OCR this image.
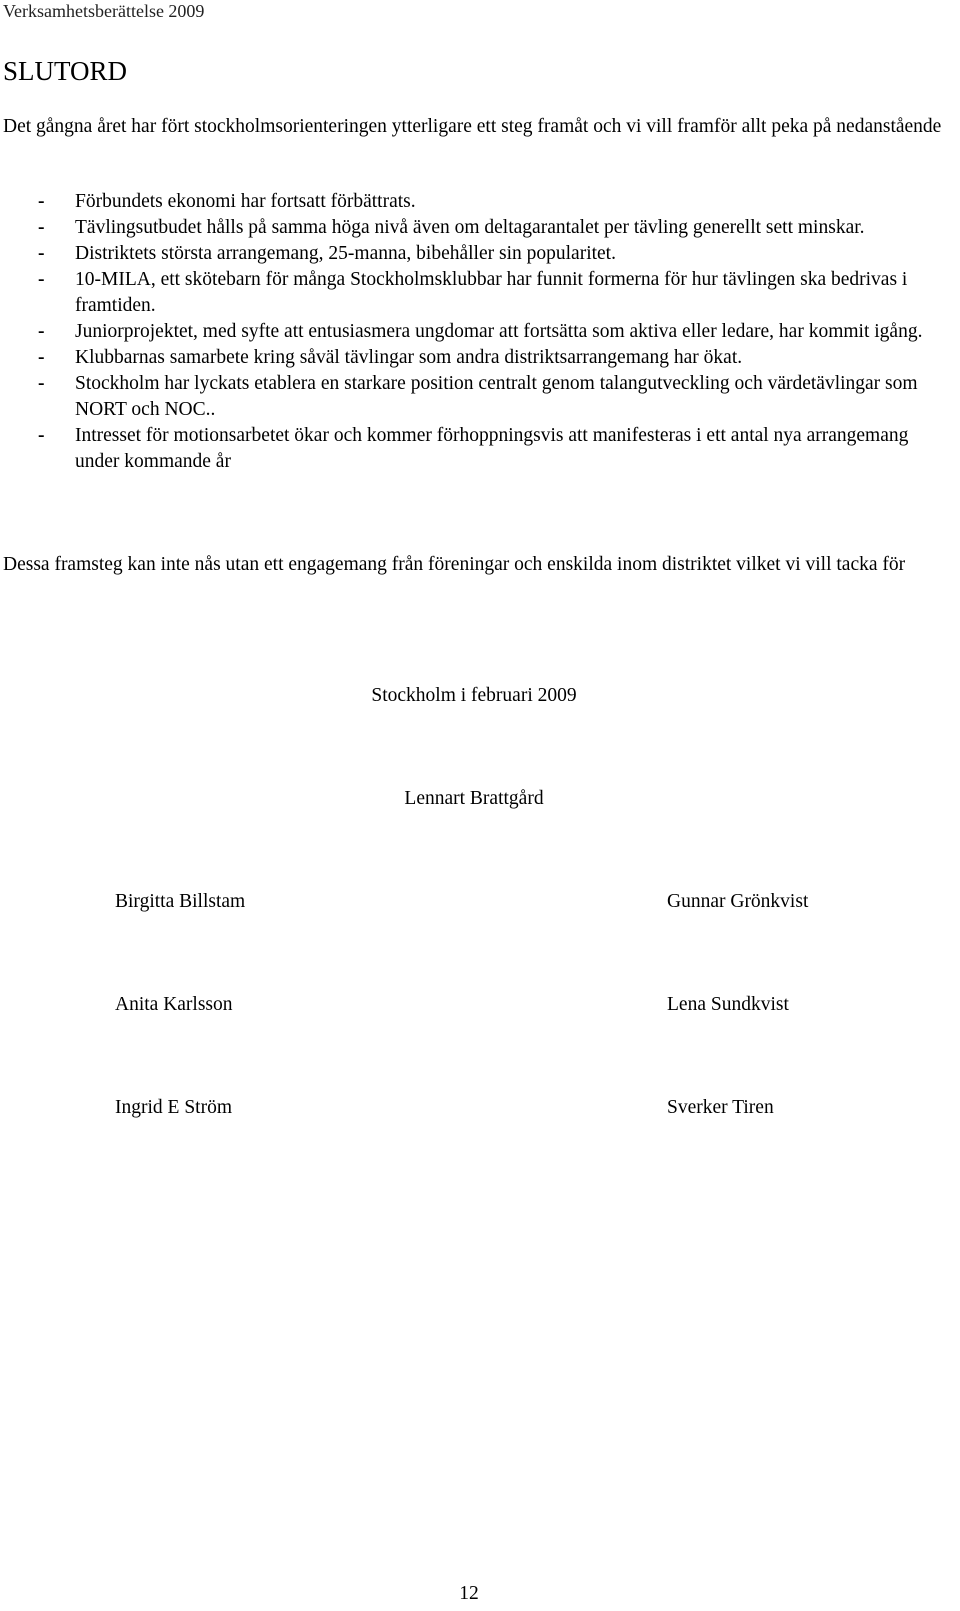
Verksamhetsberättelse 2009
SLUTORD

Det gångna året har fört stockholmsorienteringen ytterligare ett steg framåt och vi vill framför allt peka på nedanstående

- Förbundets ekonomi har fortsatt förbättrats.
- Tävlingsutbudet hålls på samma höga nivå även om deltagarantalet per tävling generellt sett minskar.
- Distriktets största arrangemang, 25-manna, bibehåller sin popularitet.
- 10-MILA, ett skötebarn för många Stockholmsklubbar har funnit formerna för hur tävlingen ska bedrivas i framtiden.
- Juniorprojektet, med syfte att entusiasmera ungdomar att fortsätta som aktiva eller ledare, har kommit igång.
- Klubbarnas samarbete kring såväl tävlingar som andra distriktsarrangemang har ökat.
- Stockholm har lyckats etablera en starkare position centralt genom talangutveckling och värdetävlingar som NORT och NOC..
- Intresset för motionsarbetet ökar och kommer förhoppningsvis att manifesteras i ett antal nya arrangemang under kommande år

Dessa framsteg kan inte nås utan ett engagemang från föreningar och enskilda inom distriktet vilket vi vill tacka för

Stockholm i februari 2009
Lennart Brattgård
Birgitta Billstam	Gunnar Grönkvist
Anita Karlsson	Lena Sundkvist
Ingrid E Ström	Sverker Tiren
12
